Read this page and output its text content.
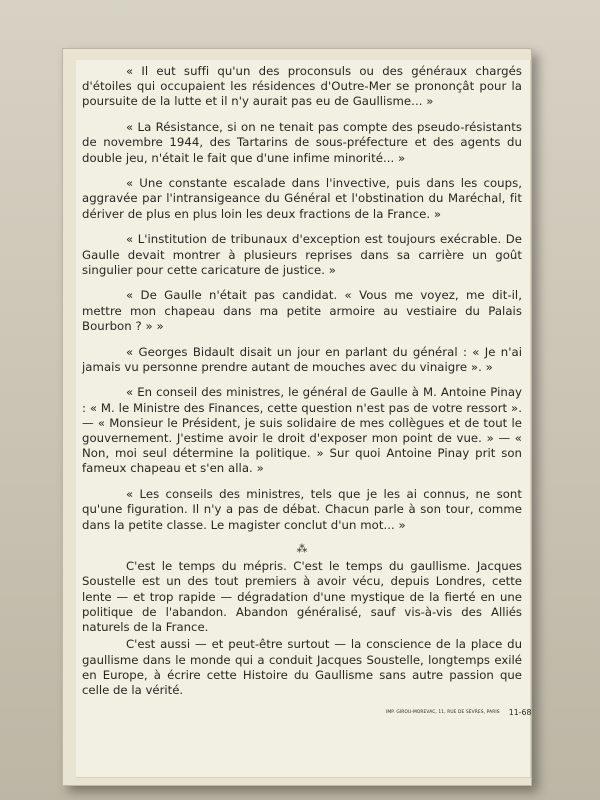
« Il eut suffi qu'un des proconsuls ou des généraux chargés d'étoiles qui occupaient les résidences d'Outre-Mer se prononçât pour la poursuite de la lutte et il n'y aurait pas eu de Gaullisme... »

« La Résistance, si on ne tenait pas compte des pseudo-résistants de novembre 1944, des Tartarins de sous-préfecture et des agents du double jeu, n'était le fait que d'une infime minorité... »

« Une constante escalade dans l'invective, puis dans les coups, aggravée par l'intransigeance du Général et l'obstination du Maréchal, fit dériver de plus en plus loin les deux fractions de la France. »

« L'institution de tribunaux d'exception est toujours exécrable. De Gaulle devait montrer à plusieurs reprises dans sa carrière un goût singulier pour cette caricature de justice. »

« De Gaulle n'était pas candidat. « Vous me voyez, me dit-il, mettre mon chapeau dans ma petite armoire au vestiaire du Palais Bourbon ? » »

« Georges Bidault disait un jour en parlant du général : « Je n'ai jamais vu personne prendre autant de mouches avec du vinaigre ». »

« En conseil des ministres, le général de Gaulle à M. Antoine Pinay : « M. le Ministre des Finances, cette question n'est pas de votre ressort ». — « Monsieur le Président, je suis solidaire de mes collègues et de tout le gouvernement. J'estime avoir le droit d'exposer mon point de vue. » — « Non, moi seul détermine la politique. » Sur quoi Antoine Pinay prit son fameux chapeau et s'en alla. »

« Les conseils des ministres, tels que je les ai connus, ne sont qu'une figuration. Il n'y a pas de débat. Chacun parle à son tour, comme dans la petite classe. Le magister conclut d'un mot... »

⁂

C'est le temps du mépris. C'est le temps du gaullisme. Jacques Soustelle est un des tout premiers à avoir vécu, depuis Londres, cette lente — et trop rapide — dégradation d'une mystique de la fierté en une politique de l'abandon. Abandon généralisé, sauf vis-à-vis des Alliés naturels de la France.

C'est aussi — et peut-être surtout — la conscience de la place du gaullisme dans le monde qui a conduit Jacques Soustelle, longtemps exilé en Europe, à écrire cette Histoire du Gaullisme sans autre passion que celle de la vérité.

IMP. GIROU-MOREVAC, 11, RUE DE SÈVRES, PARIS 11-68
